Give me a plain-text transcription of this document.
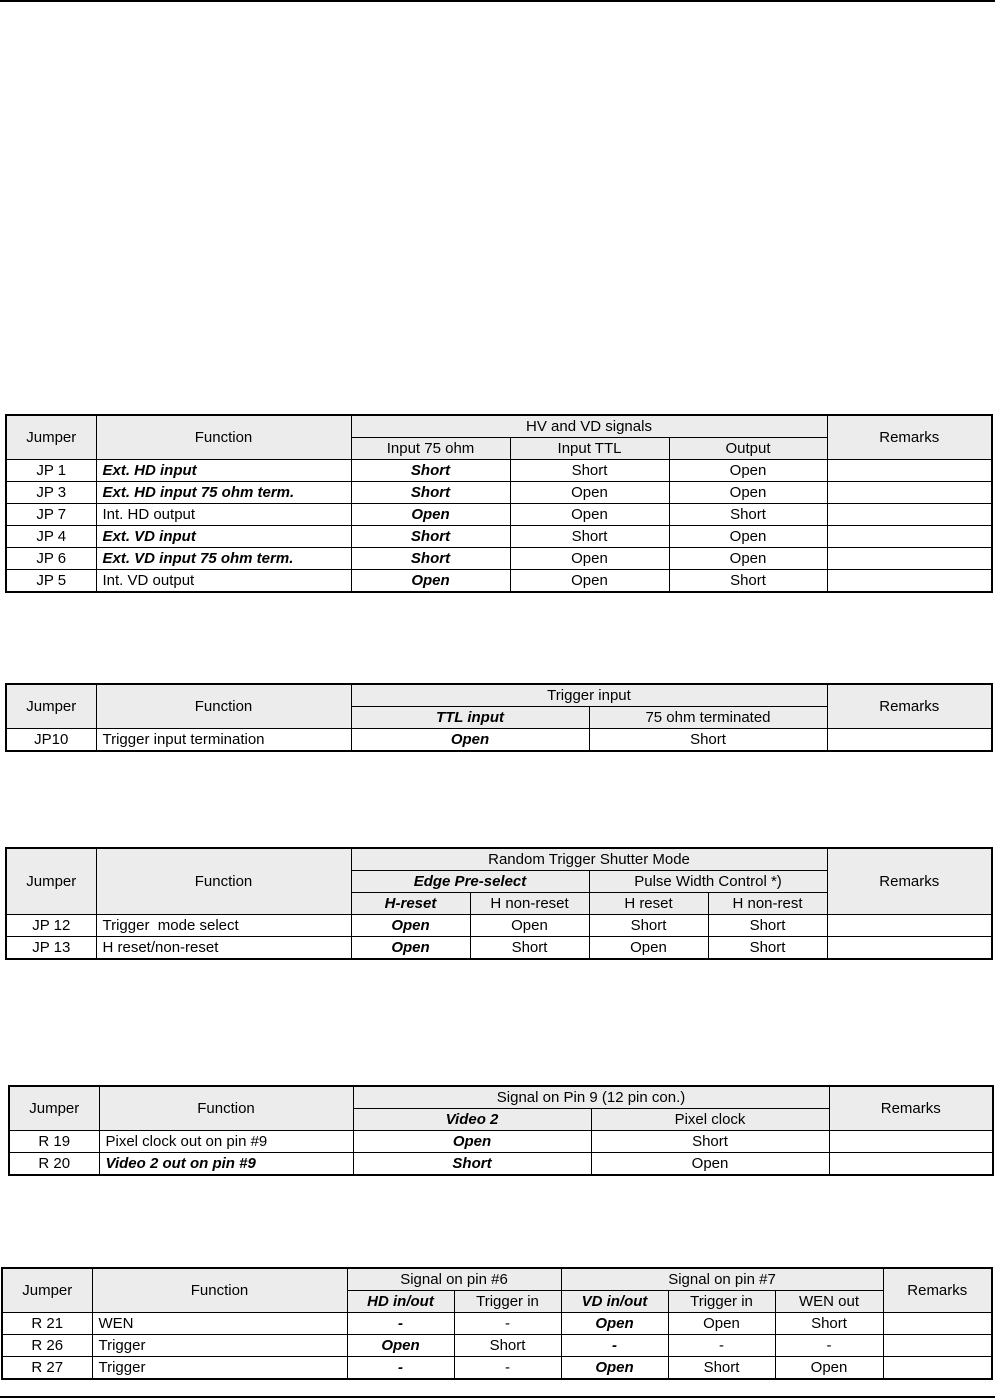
Jumper	Function	HV and VD signals			Remarks
		Input 75 ohm	Input TTL	Output	
JP 1	Ext. HD input	Short	Short	Open	
JP 3	Ext. HD input 75 ohm term.	Short	Open	Open	
JP 7	Int. HD output	Open	Open	Short	
JP 4	Ext. VD input	Short	Short	Open	
JP 6	Ext. VD input 75 ohm term.	Short	Open	Open	
JP 5	Int. VD output	Open	Open	Short	
Jumper	Function	Trigger input		Remarks
		TTL input	75 ohm terminated	
JP10	Trigger input termination	Open	Short	
Jumper	Function	Random Trigger Shutter Mode				Remarks
		Edge Pre-select		Pulse Width Control *)		
		H-reset	H non-reset	H reset	H non-rest	
JP 12	Trigger  mode select	Open	Open	Short	Short	
JP 13	H reset/non-reset	Open	Short	Open	Short	
Jumper	Function	Signal on Pin 9 (12 pin con.)		Remarks
		Video 2	Pixel clock	
R 19	Pixel clock out on pin #9	Open	Short	
R 20	Video 2 out on pin #9	Short	Open	
Jumper	Function	Signal on pin #6		Signal on pin #7			Remarks
		HD in/out	Trigger in	VD in/out	Trigger in	WEN out	
R 21	WEN	-	-	Open	Open	Short	
R 26	Trigger	Open	Short	-	-	-	
R 27	Trigger	-	-	Open	Short	Open	
